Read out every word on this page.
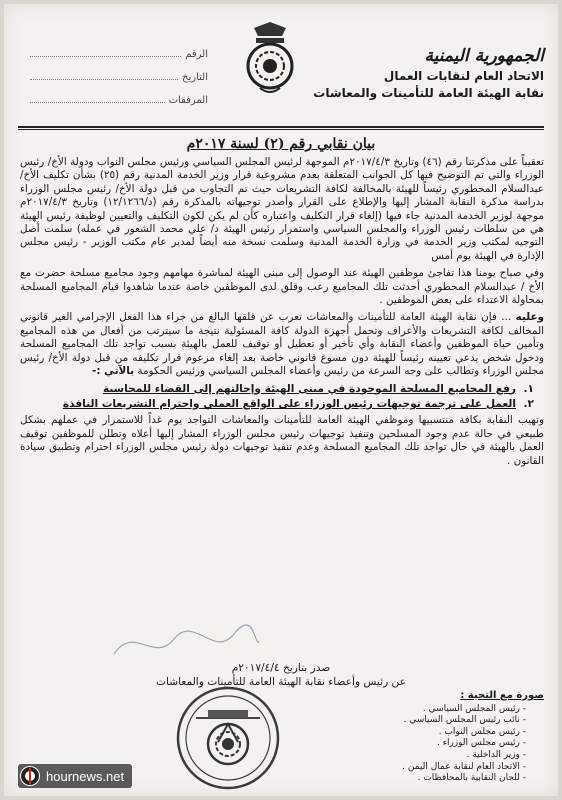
الجمهورية اليمنية
الاتحاد العام لنقابات العمال
نقابة الهيئة العامة للتأمينات والمعاشات
الرقم
التاريخ
المرفقات
بيان نقابي رقم (٢) لسنة ٢٠١٧م

تعقيباً على مذكرتنا رقم (٤٦) وتاريخ ٢٠١٧/٤/٣م الموجهة لرئيس المجلس السياسي ورئيس مجلس النواب ودولة الأخ/ رئيس الوزراء والتي تم التوضيح فيها كل الجوانب المتعلقة بعدم مشروعية قرار وزير الخدمة المدنية رقم (٢٥) بشأن تكليف الأخ/ عبدالسلام المحطوري رئيساً للهيئة بالمخالفة لكافة التشريعات حيث تم التجاوب من قبل دولة الأخ/ رئيس مجلس الوزراء بدراسة مذكرة النقابة المشار إليها والإطلاع على القرار وأصدر توجيهاته بالمذكرة رقم (د/١٢/١٢٦٦) وتاريخ ٢٠١٧/٤/٣م موجهة لوزير الخدمة المدنية جاء فيها (إلغاء قرار التكليف واعتباره كأن لم يكن لكون التكليف والتعيين لوظيفة رئيس الهيئة هي من سلطات رئيس الوزراء والمجلس السياسي واستمرار رئيس الهيئة د/ علي محمد الشعور في عمله) سلمت أصل التوجيه لمكتب وزير الخدمة في وزارة الخدمة المدنية وسلمت نسخة منه أيضاً لمدير عام مكتب الوزير - رئيس مجلس الإدارة في الهيئة يوم أمس

وفي صباح يومنا هذا تفاجئ موظفين الهيئة عند الوصول إلى مبنى الهيئة لمباشرة مهامهم وجود مجاميع مسلحة حضرت مع الأخ / عبدالسلام المحطوري أحدثت تلك المجاميع رعب وقلق لدى الموظفين خاصة عندما شاهدوا قيام المجاميع المسلحة بمحاولة الاعتداء على بعض الموظفين .

وعليه ... فإن نقابة الهيئة العامة للتأمينات والمعاشات تعرب عن قلقها البالغ من جراء هذا الفعل الإجرامي الغير قانوني المخالف لكافة التشريعات والأعراف وتحمل أجهزة الدولة كافة المسئولية نتيجة ما سيترتب من أفعال من هذه المجاميع وتأمين حياة الموظفين وأعضاء النقابة وأي تأخير أو تعطيل أو توقيف للعمل بالهيئة بسبب تواجد تلك المجاميع المسلحة ودخول شخص يدعي تعيينه رئيساً للهيئة دون مسوغ قانوني خاصة بعد إلغاء مزعوم قرار تكليفه من قبل دولة الأخ/ رئيس مجلس الوزراء وتطالب على وجه السرعة من رئيس وأعضاء المجلس السياسي ورئيس الحكومة بالآتي :-

١.رفع المجاميع المسلحة الموجودة في مبنى الهيئة وإحالتهم إلى القضاء للمحاسبة
٢.العمل على ترجمة توجيهات رئيس الوزراء على الواقع العملي واحترام التشريعات النافذة

وتهيب النقابة بكافة منتسبيها وموظفي الهيئة العامة للتأمينات والمعاشات التواجد يوم غداً للاستمرار في عملهم بشكل طبيعي في حالة عدم وجود المسلحين وتنفيذ توجيهات رئيس مجلس الوزراء المشار إليها أعلاه وتطلن للموظفين توقيف العمل بالهيئة في حال تواجد تلك المجاميع المسلحة وعدم تنفيذ توجيهات دولة رئيس مجلس الوزراء احترام وتطبيق سيادة القانون .

صدر بتاريخ ٢٠١٧/٤/٤م
عن رئيس وأعضاء نقابة الهيئة العامة للتأمينات والمعاشات
صورة مع التحية :
- رئيس المجلس السياسي .
- نائب رئيس المجلس السياسي .
- رئيس مجلس النواب .
- رئيس مجلس الوزراء .
- وزير الداخلية .
- الاتحاد العام لنقابة عمال اليمن .
- للجان النقابية بالمحافظات .
hournews.net
